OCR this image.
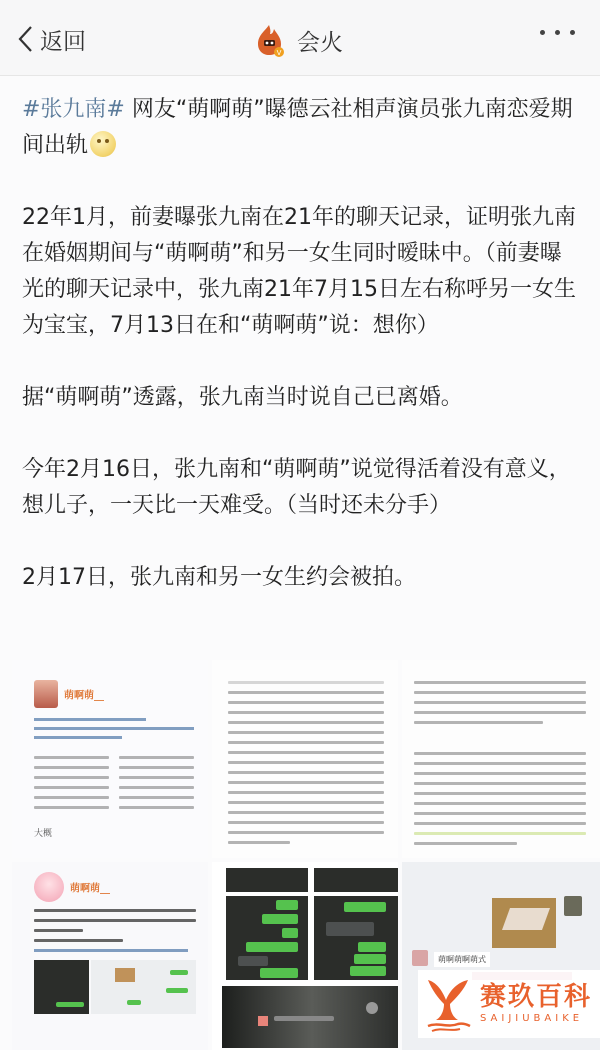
返回	V 会火
#张九南# 网友“萌啊萌”曝德云社相声演员张九南恋爱期间出轨
22年1月，前妻曝张九南在21年的聊天记录，证明张九南在婚姻期间与“萌啊萌”和另一女生同时暧昧中。（前妻曝光的聊天记录中，张九南21年7月15日左右称呼另一女生为宝宝，7月13日在和“萌啊萌”说：想你）
据“萌啊萌”透露，张九南当时说自己已离婚。
今年2月16日，张九南和“萌啊萌”说觉得活着没有意义，想儿子，一天比一天难受。（当时还未分手）
2月17日，张九南和另一女生约会被拍。
萌啊萌__
大概
萌啊萌__
萌啊萌啊萌式
赛玖百科
SAIJIUBAIKE
